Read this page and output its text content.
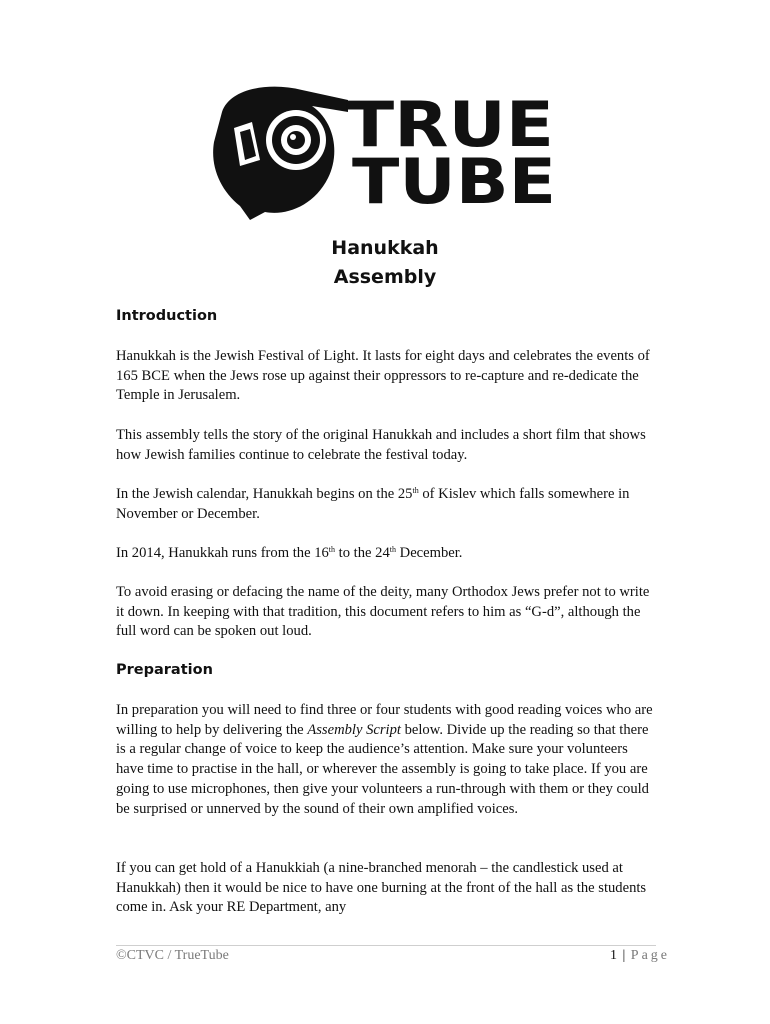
TRUE
TUBE
Hanukkah
Assembly
Introduction
Hanukkah is the Jewish Festival of Light. It lasts for eight days and celebrates the events of 165 BCE when the Jews rose up against their oppressors to re-capture and re-dedicate the Temple in Jerusalem.
This assembly tells the story of the original Hanukkah and includes a short film that shows how Jewish families continue to celebrate the festival today.
In the Jewish calendar, Hanukkah begins on the 25th of Kislev which falls somewhere in November or December.
In 2014, Hanukkah runs from the 16th to the 24th December.
To avoid erasing or defacing the name of the deity, many Orthodox Jews prefer not to write it down. In keeping with that tradition, this document refers to him as “G-d”, although the full word can be spoken out loud.
Preparation
In preparation you will need to find three or four students with good reading voices who are willing to help by delivering the Assembly Script below. Divide up the reading so that there is a regular change of voice to keep the audience’s attention. Make sure your volunteers have time to practise in the hall, or wherever the assembly is going to take place. If you are going to use microphones, then give your volunteers a run-through with them or they could be surprised or unnerved by the sound of their own amplified voices.
If you can get hold of a Hanukkiah (a nine-branched menorah – the candlestick used at Hanukkah) then it would be nice to have one burning at the front of the hall as the students come in. Ask your RE Department, any
©CTVC / TrueTube	1 | Page
